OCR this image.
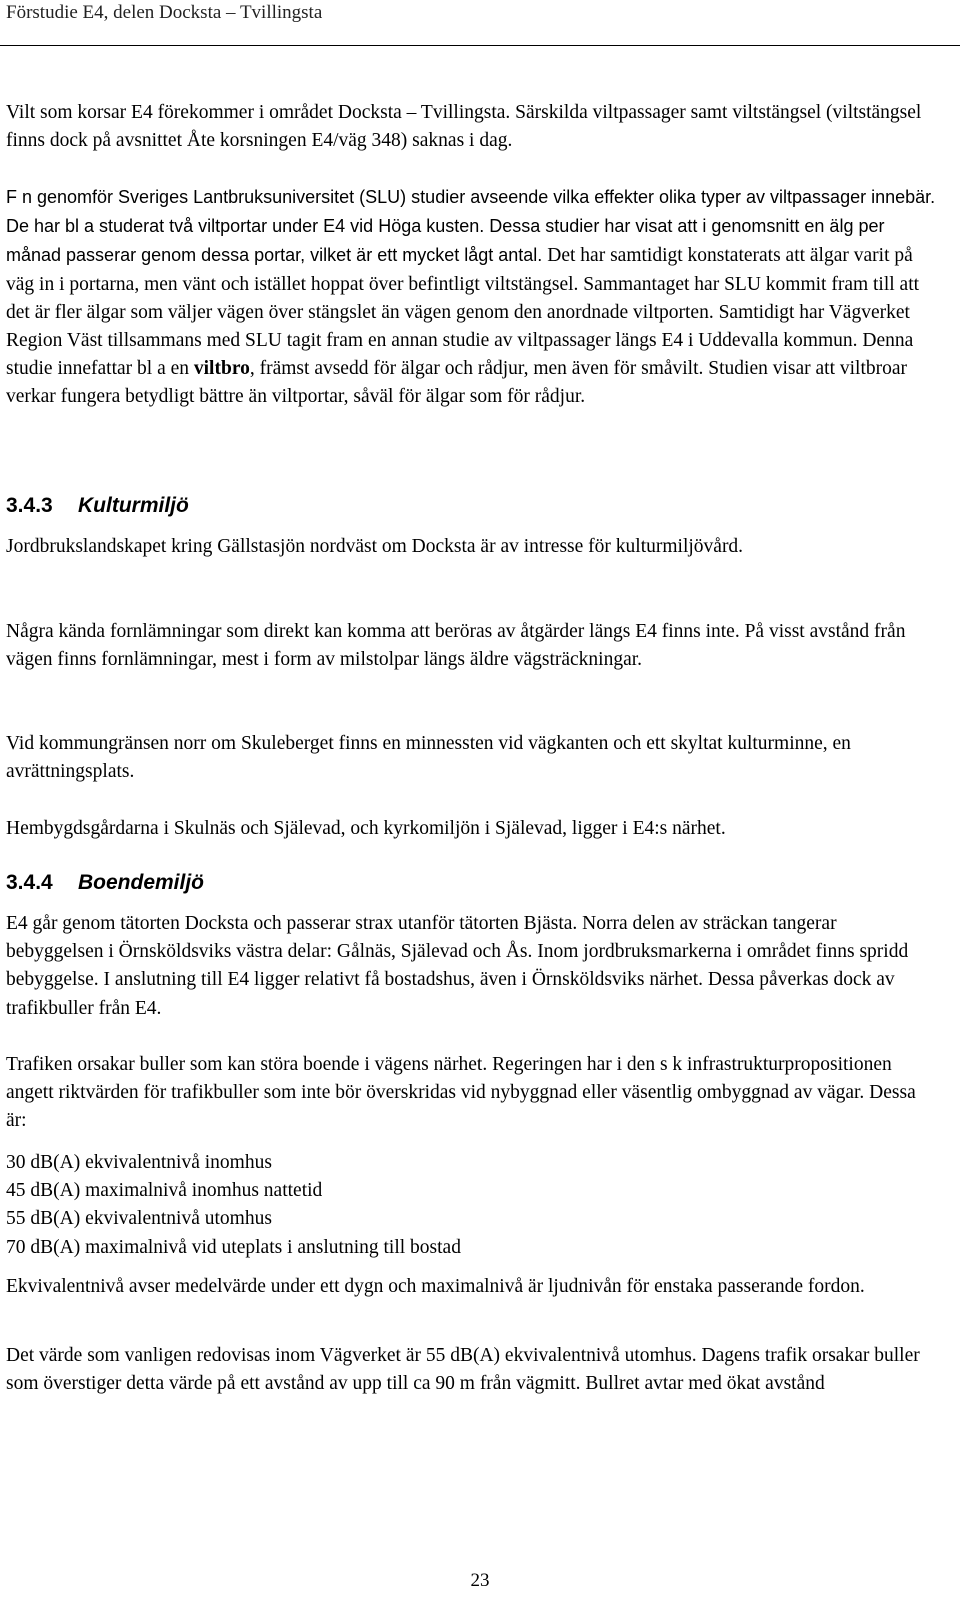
Förstudie E4, delen Docksta – Tvillingsta
Vilt som korsar E4 förekommer i området Docksta – Tvillingsta. Särskilda viltpassager samt viltstängsel (viltstängsel finns dock på avsnittet Åte korsningen E4/väg 348) saknas i dag.
F n genomför Sveriges Lantbruksuniversitet (SLU) studier avseende vilka effekter olika typer av viltpassager innebär. De har bl a studerat två viltportar under E4 vid Höga kusten. Dessa studier har visat att i genomsnitt en älg per månad passerar genom dessa portar, vilket är ett mycket lågt antal. Det har samtidigt konstaterats att älgar varit på väg in i portarna, men vänt och istället hoppat över befintligt viltstängsel. Sammantaget har SLU kommit fram till att det är fler älgar som väljer vägen över stängslet än vägen genom den anordnade viltporten. Samtidigt har Vägverket Region Väst tillsammans med SLU tagit fram en annan studie av viltpassager längs E4 i Uddevalla kommun. Denna studie innefattar bl a en viltbro, främst avsedd för älgar och rådjur, men även för småvilt. Studien visar att viltbroar verkar fungera betydligt bättre än viltportar, såväl för älgar som för rådjur.
3.4.3 Kulturmiljö
Jordbrukslandskapet kring Gällstasjön nordväst om Docksta är av intresse för kulturmiljövård.
Några kända fornlämningar som direkt kan komma att beröras av åtgärder längs E4 finns inte. På visst avstånd från vägen finns fornlämningar, mest i form av milstolpar längs äldre vägsträckningar.
Vid kommungränsen norr om Skuleberget finns en minnessten vid vägkanten och ett skyltat kulturminne, en avrättningsplats.
Hembygdsgårdarna i Skulnäs och Själevad, och kyrkomiljön i Själevad, ligger i E4:s närhet.
3.4.4 Boendemiljö
E4 går genom tätorten Docksta och passerar strax utanför tätorten Bjästa. Norra delen av sträckan tangerar bebyggelsen i Örnsköldsviks västra delar: Gålnäs, Själevad och Ås. Inom jordbruksmarkerna i området finns spridd bebyggelse. I anslutning till E4 ligger relativt få bostadshus, även i Örnsköldsviks närhet. Dessa påverkas dock av trafikbuller från E4.
Trafiken orsakar buller som kan störa boende i vägens närhet. Regeringen har i den s k infrastrukturpropositionen angett riktvärden för trafikbuller som inte bör överskridas vid nybyggnad eller väsentlig ombyggnad av vägar. Dessa är:
30 dB(A) ekvivalentnivå inomhus
45 dB(A) maximalnivå inomhus nattetid
55 dB(A) ekvivalentnivå utomhus
70 dB(A) maximalnivå vid uteplats i anslutning till bostad
Ekvivalentnivå avser medelvärde under ett dygn och maximalnivå är ljudnivån för enstaka passerande fordon.
Det värde som vanligen redovisas inom Vägverket är 55 dB(A) ekvivalentnivå utomhus. Dagens trafik orsakar buller som överstiger detta värde på ett avstånd av upp till ca 90 m från vägmitt. Bullret avtar med ökat avstånd
23
